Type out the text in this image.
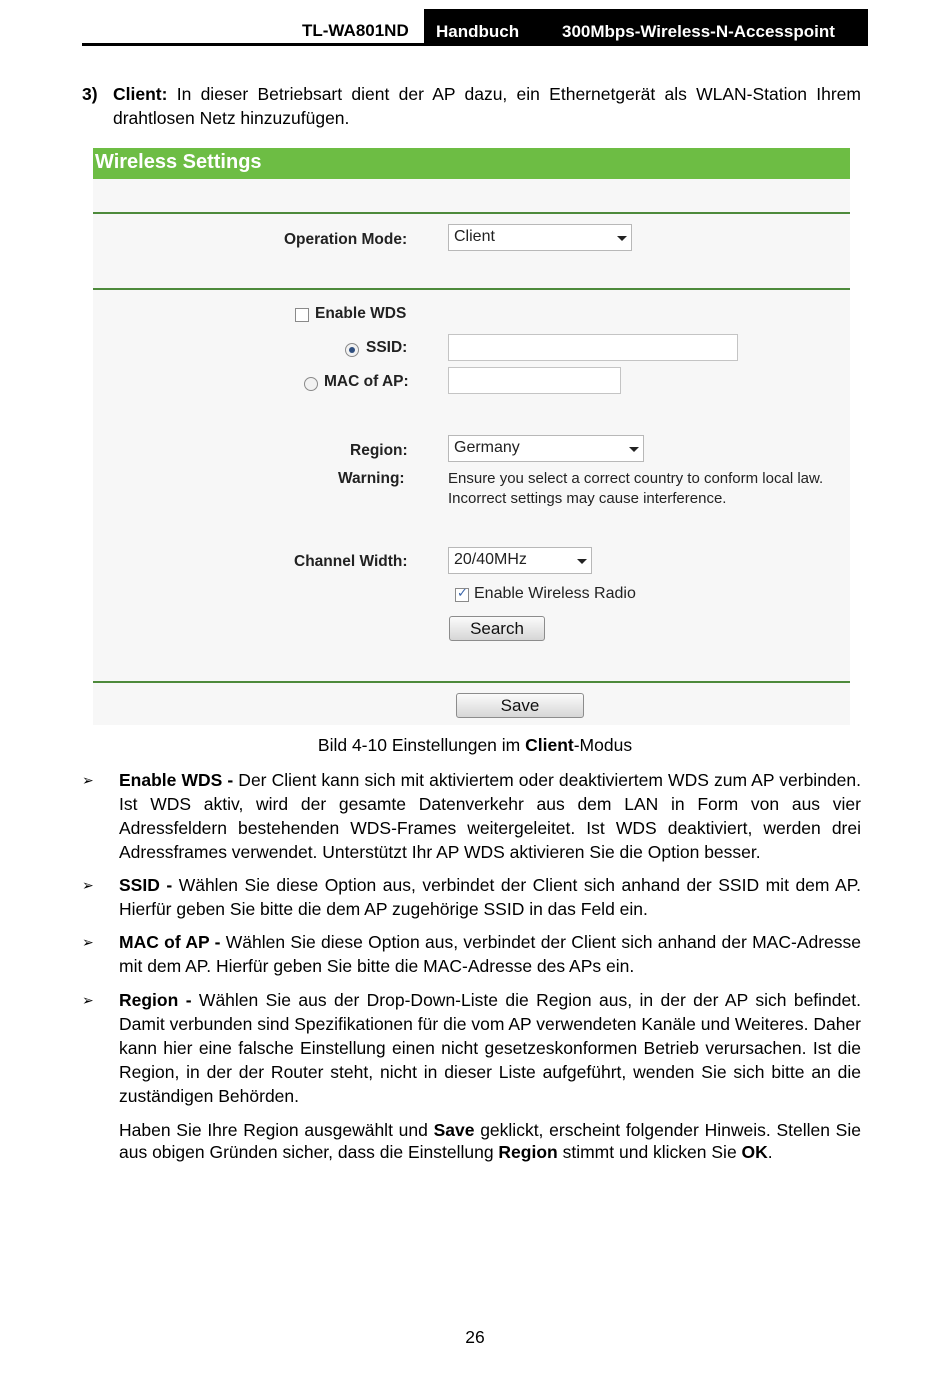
TL-WA801ND Handbuch	300Mbps-Wireless-N-Accesspoint
3) Client: In dieser Betriebsart dient der AP dazu, ein Ethernetgerät als WLAN-Station Ihrem drahtlosen Netz hinzuzufügen.
Wireless Settings
Operation Mode:	Client
Enable WDS
SSID:
MAC of AP:
Region:	Germany
Warning:	Ensure you select a correct country to conform local law.
Incorrect settings may cause interference.
Channel Width:	20/40MHz
✓
Enable Wireless Radio
Search
Save
Bild 4-10 Einstellungen im Client-Modus
➢ Enable WDS - Der Client kann sich mit aktiviertem oder deaktiviertem WDS zum AP verbinden. Ist WDS aktiv, wird der gesamte Datenverkehr aus dem LAN in Form von aus vier Adressfeldern bestehenden WDS-Frames weitergeleitet. Ist WDS deaktiviert, werden drei Adressframes verwendet. Unterstützt Ihr AP WDS aktivieren Sie die Option besser.
➢ SSID - Wählen Sie diese Option aus, verbindet der Client sich anhand der SSID mit dem AP. Hierfür geben Sie bitte die dem AP zugehörige SSID in das Feld ein.
➢ MAC of AP - Wählen Sie diese Option aus, verbindet der Client sich anhand der MAC-Adresse mit dem AP. Hierfür geben Sie bitte die MAC-Adresse des APs ein.
➢ Region - Wählen Sie aus der Drop-Down-Liste die Region aus, in der der AP sich befindet. Damit verbunden sind Spezifikationen für die vom AP verwendeten Kanäle und Weiteres. Daher kann hier eine falsche Einstellung einen nicht gesetzeskonformen Betrieb verursachen. Ist die Region, in der der Router steht, nicht in dieser Liste aufgeführt, wenden Sie sich bitte an die zuständigen Behörden.
Haben Sie Ihre Region ausgewählt und Save geklickt, erscheint folgender Hinweis. Stellen Sie aus obigen Gründen sicher, dass die Einstellung Region stimmt und klicken Sie OK.
26
